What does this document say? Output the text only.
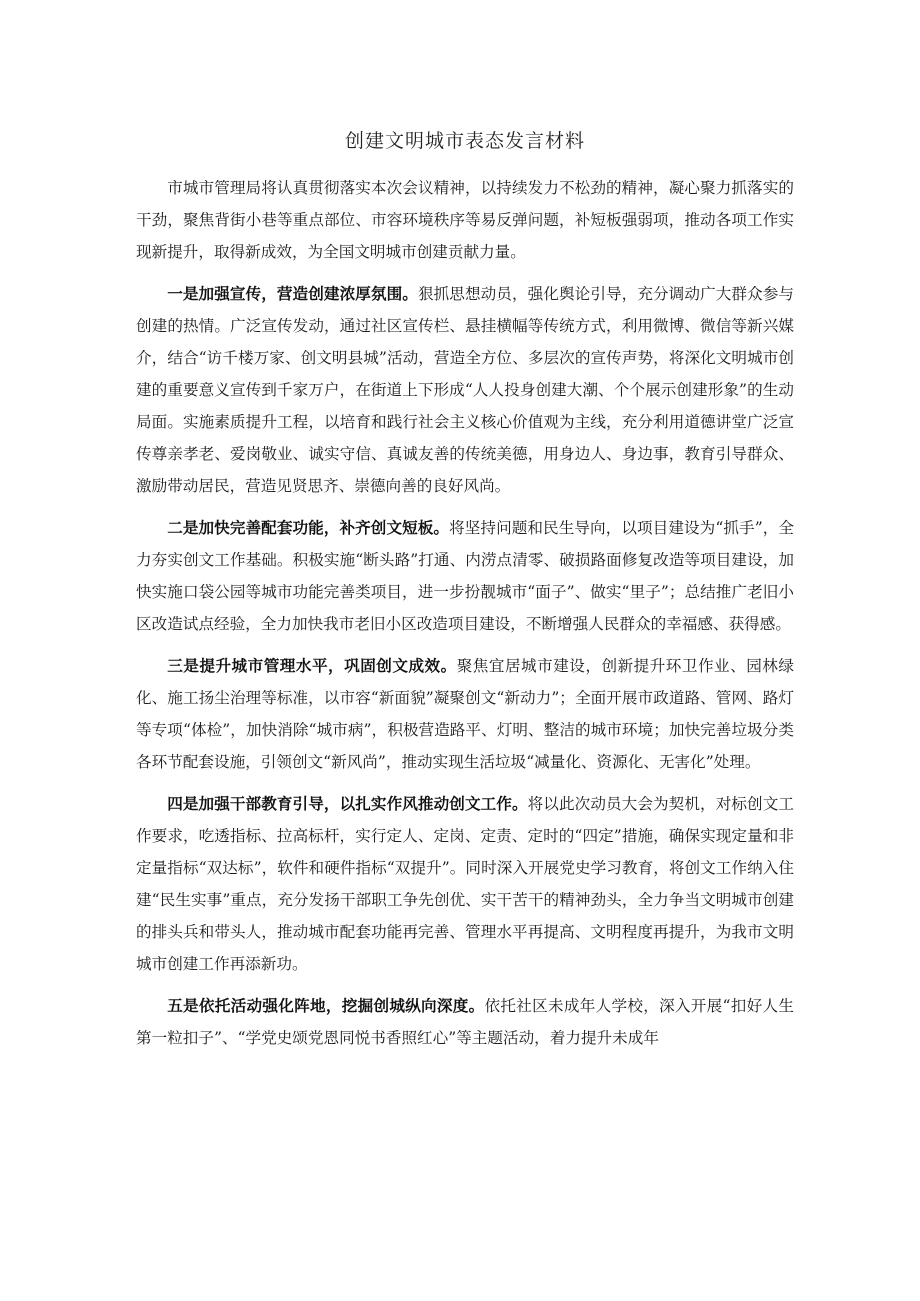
创建文明城市表态发言材料

市城市管理局将认真贯彻落实本次会议精神，以持续发力不松劲的精神，凝心聚力抓落实的干劲，聚焦背街小巷等重点部位、市容环境秩序等易反弹问题，补短板强弱项，推动各项工作实现新提升，取得新成效，为全国文明城市创建贡献力量。

一是加强宣传，营造创建浓厚氛围。狠抓思想动员，强化舆论引导，充分调动广大群众参与创建的热情。广泛宣传发动，通过社区宣传栏、悬挂横幅等传统方式，利用微博、微信等新兴媒介，结合“访千楼万家、创文明县城”活动，营造全方位、多层次的宣传声势，将深化文明城市创建的重要意义宣传到千家万户，在街道上下形成“人人投身创建大潮、个个展示创建形象”的生动局面。实施素质提升工程，以培育和践行社会主义核心价值观为主线，充分利用道德讲堂广泛宣传尊亲孝老、爱岗敬业、诚实守信、真诚友善的传统美德，用身边人、身边事，教育引导群众、激励带动居民，营造见贤思齐、崇德向善的良好风尚。

二是加快完善配套功能，补齐创文短板。将坚持问题和民生导向，以项目建设为“抓手”，全力夯实创文工作基础。积极实施“断头路”打通、内涝点清零、破损路面修复改造等项目建设，加快实施口袋公园等城市功能完善类项目，进一步扮靓城市“面子”、做实“里子”；总结推广老旧小区改造试点经验，全力加快我市老旧小区改造项目建设，不断增强人民群众的幸福感、获得感。

三是提升城市管理水平，巩固创文成效。聚焦宜居城市建设，创新提升环卫作业、园林绿化、施工扬尘治理等标准，以市容“新面貌”凝聚创文“新动力”；全面开展市政道路、管网、路灯等专项“体检”，加快消除“城市病”，积极营造路平、灯明、整洁的城市环境；加快完善垃圾分类各环节配套设施，引领创文“新风尚”，推动实现生活垃圾“减量化、资源化、无害化”处理。

四是加强干部教育引导，以扎实作风推动创文工作。将以此次动员大会为契机，对标创文工作要求，吃透指标、拉高标杆，实行定人、定岗、定责、定时的“四定”措施，确保实现定量和非定量指标“双达标”，软件和硬件指标“双提升”。同时深入开展党史学习教育，将创文工作纳入住建“民生实事”重点，充分发扬干部职工争先创优、实干苦干的精神劲头，全力争当文明城市创建的排头兵和带头人，推动城市配套功能再完善、管理水平再提高、文明程度再提升，为我市文明城市创建工作再添新功。

五是依托活动强化阵地，挖掘创城纵向深度。依托社区未成年人学校，深入开展“扣好人生第一粒扣子”、“学党史颂党恩同悦书香照红心”等主题活动，着力提升未成年
